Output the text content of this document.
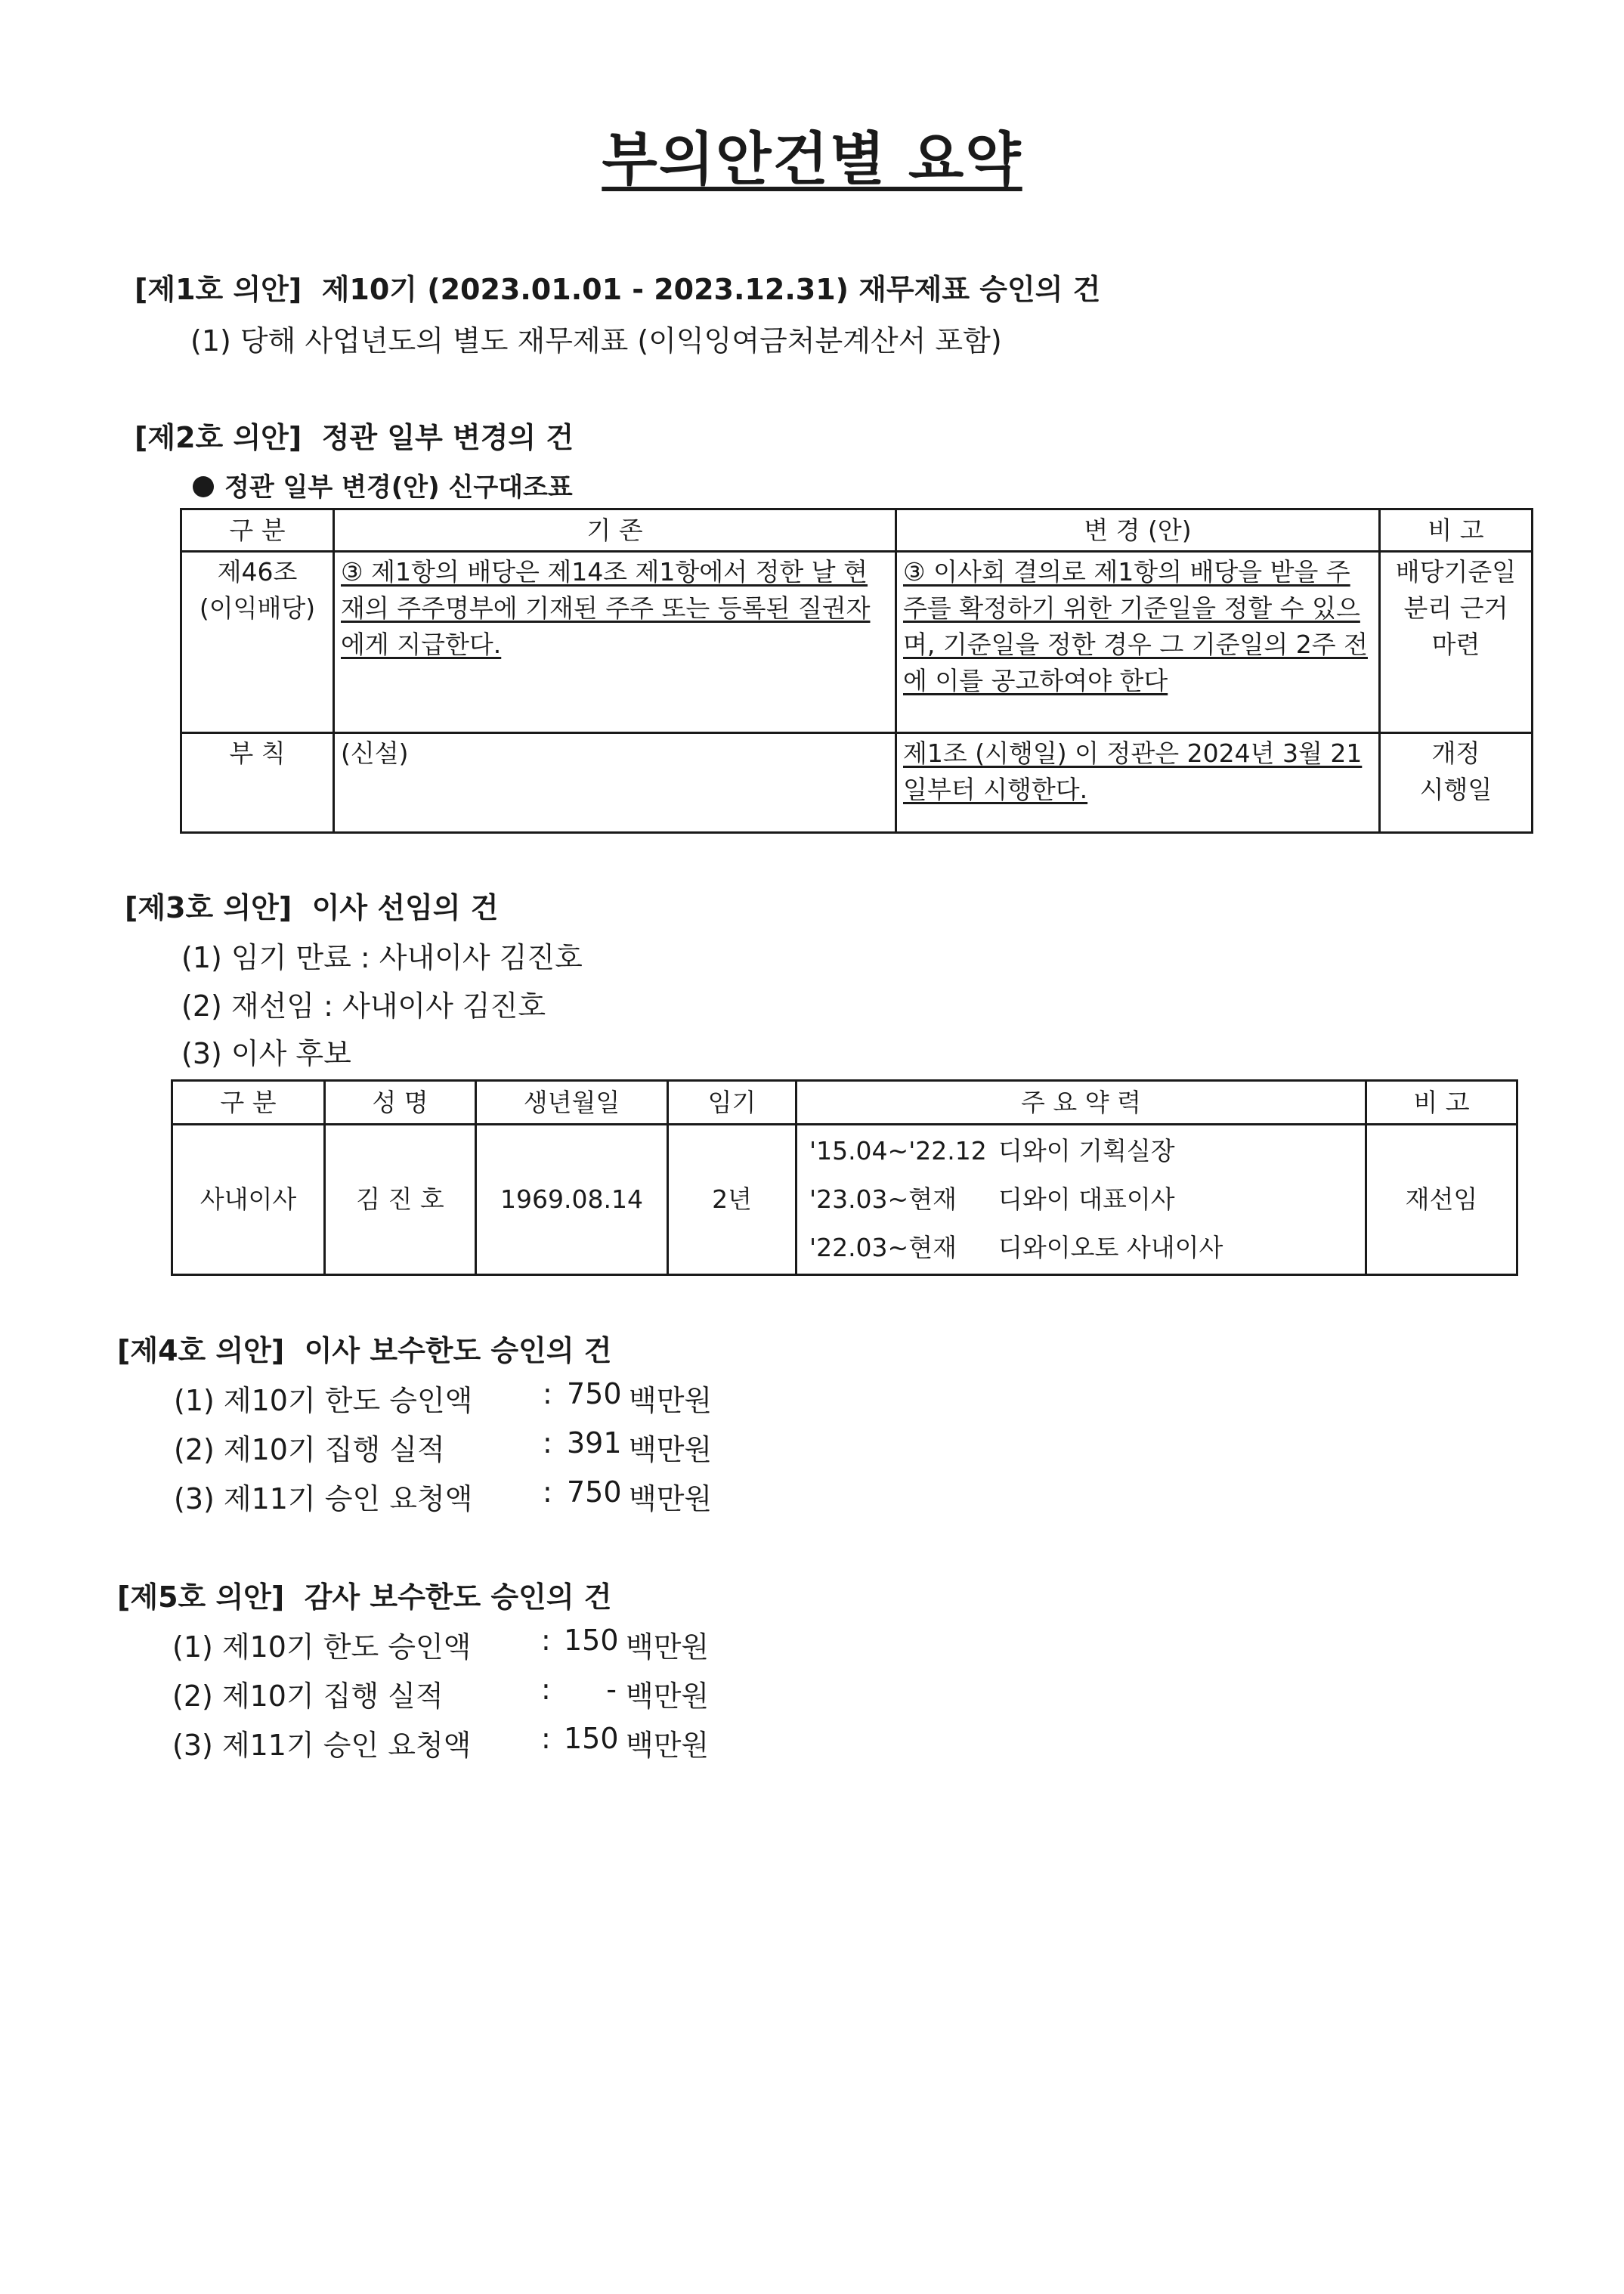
부의안건별 요약
[제1호 의안] 제10기 (2023.01.01 - 2023.12.31) 재무제표 승인의 건
(1) 당해 사업년도의 별도 재무제표 (이익잉여금처분계산서 포함)
[제2호 의안] 정관 일부 변경의 건
정관 일부 변경(안) 신구대조표
구 분	기 존	변 경 (안)	비 고
제46조
(이익배당)	③ 제1항의 배당은 제14조 제1항에서 정한 날 현재의 주주명부에 기재된 주주 또는 등록된 질권자에게 지급한다.	③ 이사회 결의로 제1항의 배당을 받을 주주를 확정하기 위한 기준일을 정할 수 있으며, 기준일을 정한 경우 그 기준일의 2주 전에 이를 공고하여야 한다	배당기준일
분리 근거
마련
부 칙	(신설)	제1조 (시행일) 이 정관은 2024년 3월 21일부터 시행한다.	개정
시행일
[제3호 의안] 이사 선임의 건
(1) 임기 만료 : 사내이사 김진호
(2) 재선임 : 사내이사 김진호
(3) 이사 후보
구 분	성 명	생년월일	임기	주 요 약 력	비 고
사내이사	김 진 호	1969.08.14	2년	'15.04~'22.12 디와이 기획실장
'23.03~현재 디와이 대표이사
'22.03~현재 디와이오토 사내이사	재선임
[제4호 의안] 이사 보수한도 승인의 건
(1) 제10기 한도 승인액 : 750 백만원
(2) 제10기 집행 실적	: 391 백만원
(3) 제11기 승인 요청액 : 750 백만원
[제5호 의안] 감사 보수한도 승인의 건
(1) 제10기 한도 승인액 : 150 백만원
(2) 제10기 집행 실적	:	- 백만원
(3) 제11기 승인 요청액 : 150 백만원
